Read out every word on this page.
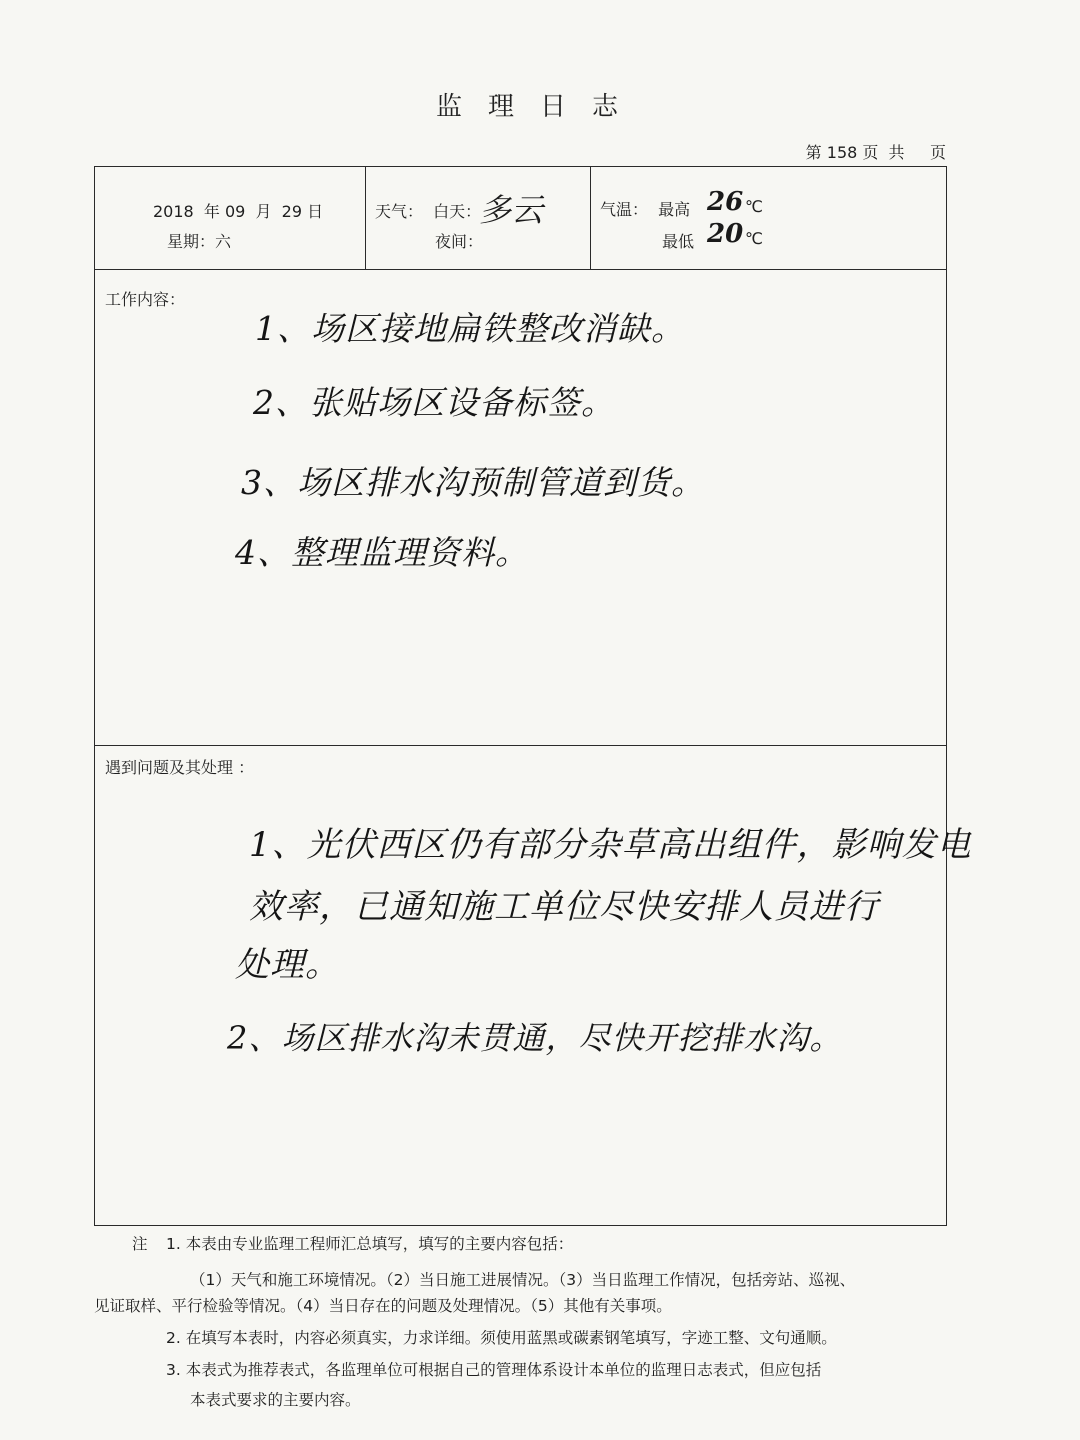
监理日志
第 158 页  共     页
2018  年 09  月  29 日
星期：六
天气：  白天：
多云
夜间：
气温：  最高 26 ℃
最低 20 ℃
工作内容：
1、场区接地扁铁整改消缺。
2、张贴场区设备标签。
3、场区排水沟预制管道到货。
4、整理监理资料。
遇到问题及其处理 ：
1、光伏西区仍有部分杂草高出组件，影响发电
效率，已通知施工单位尽快安排人员进行
处理。
2、场区排水沟未贯通，尽快开挖排水沟。
注 1. 本表由专业监理工程师汇总填写，填写的主要内容包括：
（1）天气和施工环境情况。（2）当日施工进展情况。（3）当日监理工作情况，包括旁站、巡视、
见证取样、平行检验等情况。（4）当日存在的问题及处理情况。（5）其他有关事项。
2. 在填写本表时，内容必须真实，力求详细。须使用蓝黑或碳素钢笔填写，字迹工整、文句通顺。
3. 本表式为推荐表式，各监理单位可根据自己的管理体系设计本单位的监理日志表式，但应包括
本表式要求的主要内容。
